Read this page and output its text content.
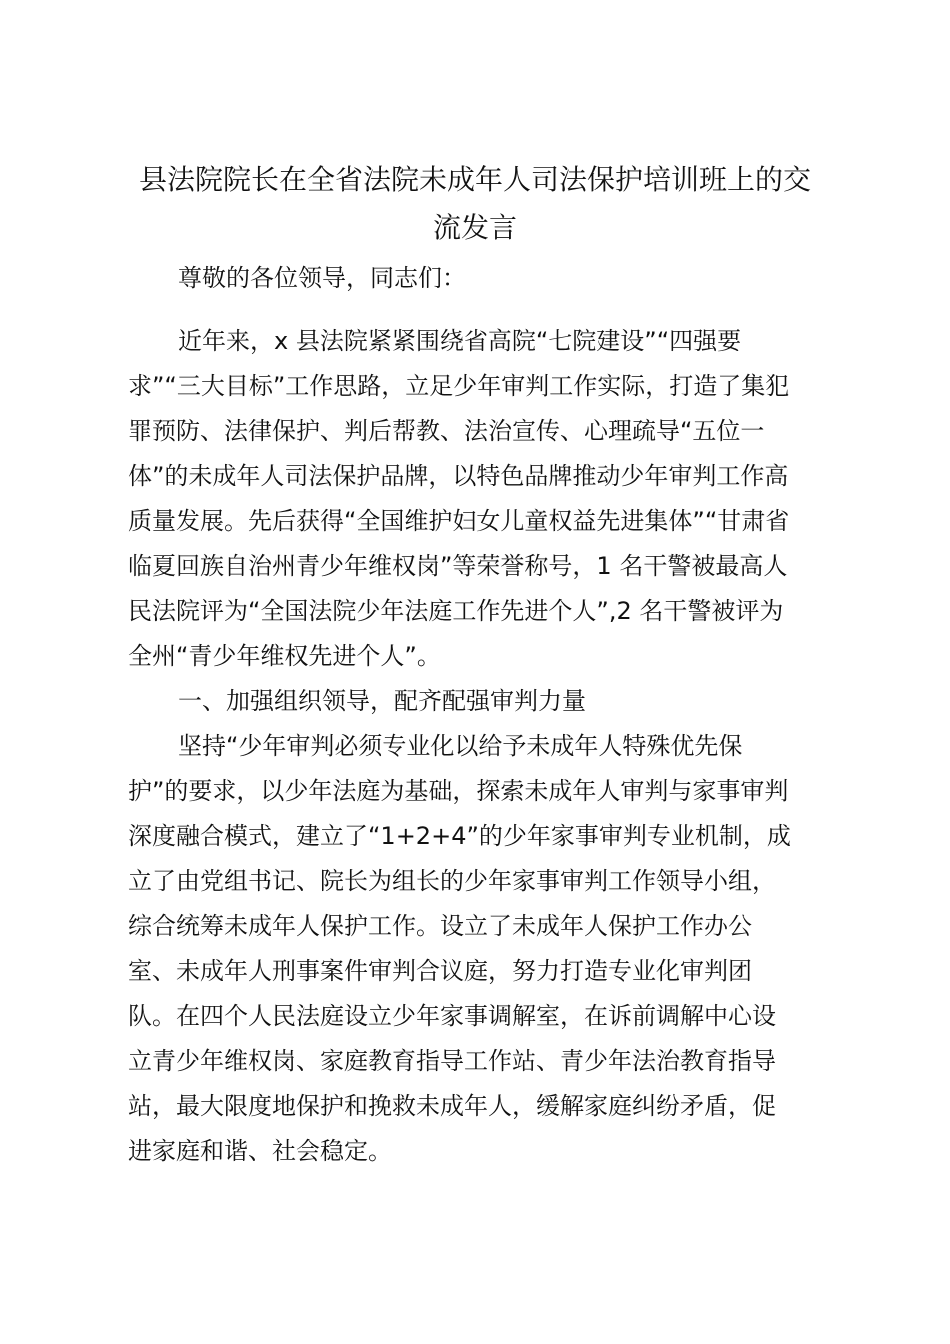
县法院院长在全省法院未成年人司法保护培训班上的交
流发言
尊敬的各位领导，同志们：
近年来，x 县法院紧紧围绕省高院“七院建设”“四强要
求”“三大目标”工作思路，立足少年审判工作实际，打造了集犯
罪预防、法律保护、判后帮教、法治宣传、心理疏导“五位一
体”的未成年人司法保护品牌，以特色品牌推动少年审判工作高
质量发展。先后获得“全国维护妇女儿童权益先进集体”“甘肃省
临夏回族自治州青少年维权岗”等荣誉称号，1 名干警被最高人
民法院评为“全国法院少年法庭工作先进个人”,2 名干警被评为
全州“青少年维权先进个人”。
一、加强组织领导，配齐配强审判力量
坚持“少年审判必须专业化以给予未成年人特殊优先保
护”的要求，以少年法庭为基础，探索未成年人审判与家事审判
深度融合模式，建立了“1+2+4”的少年家事审判专业机制，成
立了由党组书记、院长为组长的少年家事审判工作领导小组，
综合统筹未成年人保护工作。设立了未成年人保护工作办公
室、未成年人刑事案件审判合议庭，努力打造专业化审判团
队。在四个人民法庭设立少年家事调解室，在诉前调解中心设
立青少年维权岗、家庭教育指导工作站、青少年法治教育指导
站，最大限度地保护和挽救未成年人，缓解家庭纠纷矛盾，促
进家庭和谐、社会稳定。
